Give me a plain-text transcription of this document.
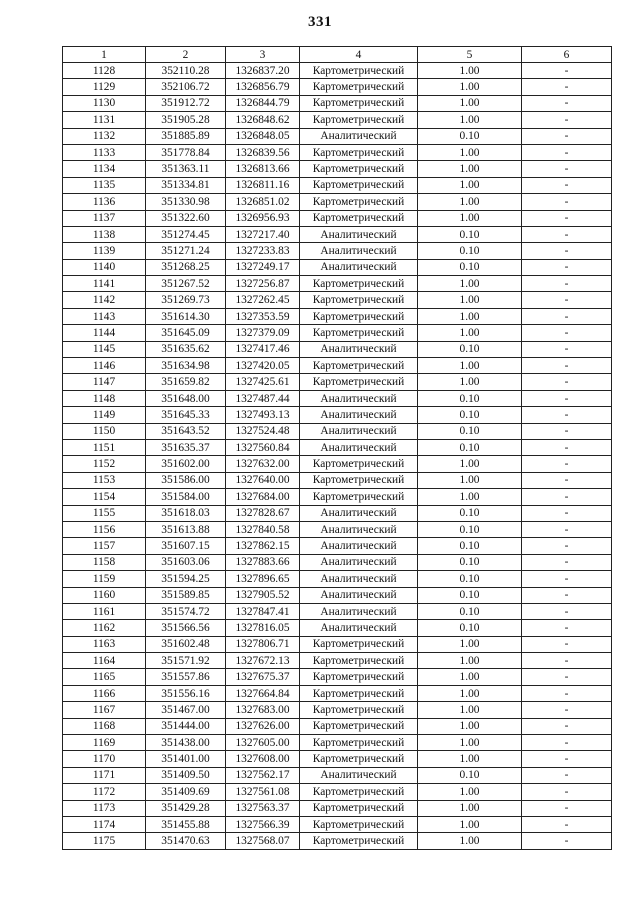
331
1	2	3	4	5	6
1128	352110.28	1326837.20	Картометрический	1.00	-
1129	352106.72	1326856.79	Картометрический	1.00	-
1130	351912.72	1326844.79	Картометрический	1.00	-
1131	351905.28	1326848.62	Картометрический	1.00	-
1132	351885.89	1326848.05	Аналитический	0.10	-
1133	351778.84	1326839.56	Картометрический	1.00	-
1134	351363.11	1326813.66	Картометрический	1.00	-
1135	351334.81	1326811.16	Картометрический	1.00	-
1136	351330.98	1326851.02	Картометрический	1.00	-
1137	351322.60	1326956.93	Картометрический	1.00	-
1138	351274.45	1327217.40	Аналитический	0.10	-
1139	351271.24	1327233.83	Аналитический	0.10	-
1140	351268.25	1327249.17	Аналитический	0.10	-
1141	351267.52	1327256.87	Картометрический	1.00	-
1142	351269.73	1327262.45	Картометрический	1.00	-
1143	351614.30	1327353.59	Картометрический	1.00	-
1144	351645.09	1327379.09	Картометрический	1.00	-
1145	351635.62	1327417.46	Аналитический	0.10	-
1146	351634.98	1327420.05	Картометрический	1.00	-
1147	351659.82	1327425.61	Картометрический	1.00	-
1148	351648.00	1327487.44	Аналитический	0.10	-
1149	351645.33	1327493.13	Аналитический	0.10	-
1150	351643.52	1327524.48	Аналитический	0.10	-
1151	351635.37	1327560.84	Аналитический	0.10	-
1152	351602.00	1327632.00	Картометрический	1.00	-
1153	351586.00	1327640.00	Картометрический	1.00	-
1154	351584.00	1327684.00	Картометрический	1.00	-
1155	351618.03	1327828.67	Аналитический	0.10	-
1156	351613.88	1327840.58	Аналитический	0.10	-
1157	351607.15	1327862.15	Аналитический	0.10	-
1158	351603.06	1327883.66	Аналитический	0.10	-
1159	351594.25	1327896.65	Аналитический	0.10	-
1160	351589.85	1327905.52	Аналитический	0.10	-
1161	351574.72	1327847.41	Аналитический	0.10	-
1162	351566.56	1327816.05	Аналитический	0.10	-
1163	351602.48	1327806.71	Картометрический	1.00	-
1164	351571.92	1327672.13	Картометрический	1.00	-
1165	351557.86	1327675.37	Картометрический	1.00	-
1166	351556.16	1327664.84	Картометрический	1.00	-
1167	351467.00	1327683.00	Картометрический	1.00	-
1168	351444.00	1327626.00	Картометрический	1.00	-
1169	351438.00	1327605.00	Картометрический	1.00	-
1170	351401.00	1327608.00	Картометрический	1.00	-
1171	351409.50	1327562.17	Аналитический	0.10	-
1172	351409.69	1327561.08	Картометрический	1.00	-
1173	351429.28	1327563.37	Картометрический	1.00	-
1174	351455.88	1327566.39	Картометрический	1.00	-
1175	351470.63	1327568.07	Картометрический	1.00	-
